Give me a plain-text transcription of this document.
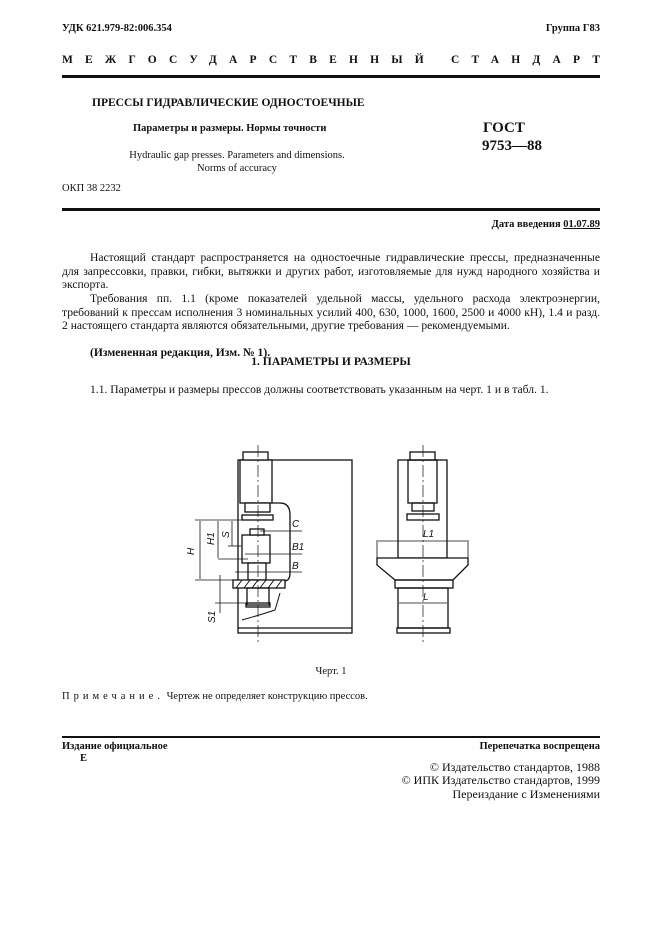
УДК 621.979-82:006.354	Группа Г83
МЕЖГОСУДАРСТВЕННЫЙ СТАНДАРТ
ПРЕССЫ ГИДРАВЛИЧЕСКИЕ ОДНОСТОЕЧНЫЕ
Параметры и размеры. Нормы точности
Hydraulic gap presses. Parameters and dimensions.
Norms of accuracy
ГОСТ
9753—88
ОКП 38 2232
Дата введения 01.07.89
Настоящий стандарт распространяется на одностоечные гидравлические прессы, предназначенные для запрессовки, правки, гибки, вытяжки и других работ, изготовляемые для нужд народного хозяйства и экспорта.
Требования пп. 1.1 (кроме показателей удельной массы, удельного расхода электроэнергии, требований к прессам исполнения 3 номинальных усилий 400, 630, 1000, 1600, 2500 и 4000 кН), 1.4 и разд. 2 настоящего стандарта являются обязательными, другие требования — рекомендуемыми.
(Измененная редакция, Изм. № 1).
1. ПАРАМЕТРЫ И РАЗМЕРЫ
1.1. Параметры и размеры прессов должны соответствовать указанным на черт. 1 и в табл. 1.
C
B1
B
H
H1 S
S1
L1
L
Черт. 1
Примечание. Чертеж не определяет конструкцию прессов.
Издание официальное
Е
Перепечатка воспрещена
© Издательство стандартов, 1988
© ИПК Издательство стандартов, 1999
Переиздание с Изменениями
